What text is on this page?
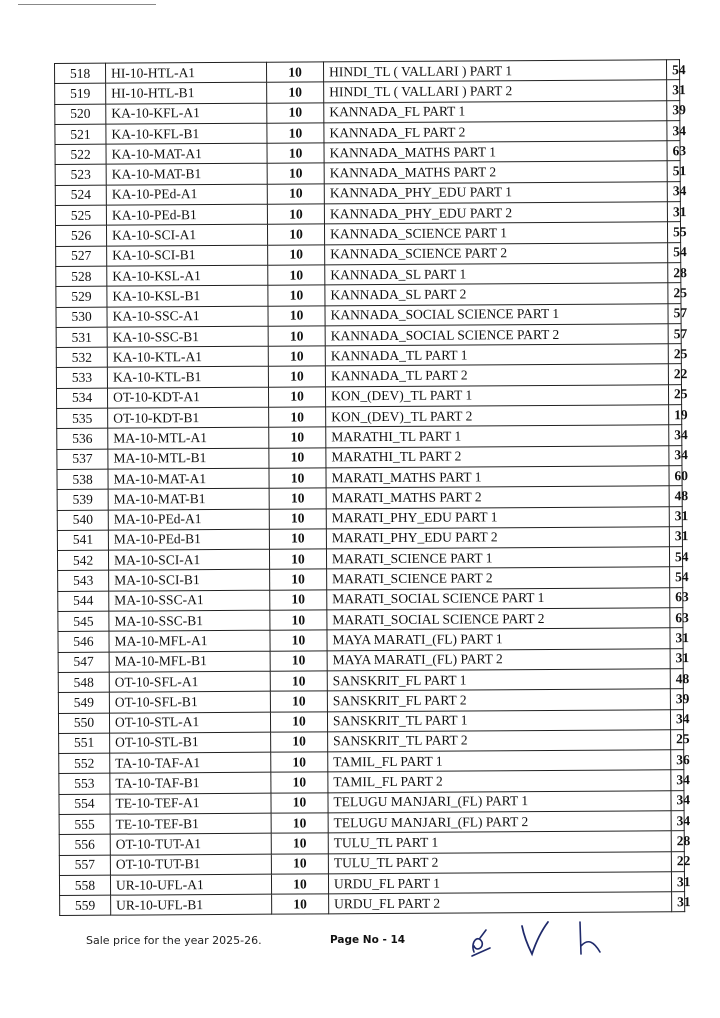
518	HI-10-HTL-A1	10	HINDI_TL ( VALLARI ) PART 1	54
519	HI-10-HTL-B1	10	HINDI_TL ( VALLARI ) PART 2	31
520	KA-10-KFL-A1	10	KANNADA_FL PART 1	39
521	KA-10-KFL-B1	10	KANNADA_FL PART 2	34
522	KA-10-MAT-A1	10	KANNADA_MATHS PART 1	63
523	KA-10-MAT-B1	10	KANNADA_MATHS PART 2	51
524	KA-10-PEd-A1	10	KANNADA_PHY_EDU PART 1	34
525	KA-10-PEd-B1	10	KANNADA_PHY_EDU PART 2	31
526	KA-10-SCI-A1	10	KANNADA_SCIENCE PART 1	55
527	KA-10-SCI-B1	10	KANNADA_SCIENCE PART 2	54
528	KA-10-KSL-A1	10	KANNADA_SL PART 1	28
529	KA-10-KSL-B1	10	KANNADA_SL PART 2	25
530	KA-10-SSC-A1	10	KANNADA_SOCIAL SCIENCE PART 1	57
531	KA-10-SSC-B1	10	KANNADA_SOCIAL SCIENCE PART 2	57
532	KA-10-KTL-A1	10	KANNADA_TL PART 1	25
533	KA-10-KTL-B1	10	KANNADA_TL PART 2	22
534	OT-10-KDT-A1	10	KON_(DEV)_TL PART 1	25
535	OT-10-KDT-B1	10	KON_(DEV)_TL PART 2	19
536	MA-10-MTL-A1	10	MARATHI_TL PART 1	34
537	MA-10-MTL-B1	10	MARATHI_TL PART 2	34
538	MA-10-MAT-A1	10	MARATI_MATHS PART 1	60
539	MA-10-MAT-B1	10	MARATI_MATHS PART 2	48
540	MA-10-PEd-A1	10	MARATI_PHY_EDU PART 1	31
541	MA-10-PEd-B1	10	MARATI_PHY_EDU PART 2	31
542	MA-10-SCI-A1	10	MARATI_SCIENCE PART 1	54
543	MA-10-SCI-B1	10	MARATI_SCIENCE PART 2	54
544	MA-10-SSC-A1	10	MARATI_SOCIAL SCIENCE PART 1	63
545	MA-10-SSC-B1	10	MARATI_SOCIAL SCIENCE PART 2	63
546	MA-10-MFL-A1	10	MAYA MARATI_(FL) PART 1	31
547	MA-10-MFL-B1	10	MAYA MARATI_(FL) PART 2	31
548	OT-10-SFL-A1	10	SANSKRIT_FL PART 1	48
549	OT-10-SFL-B1	10	SANSKRIT_FL PART 2	39
550	OT-10-STL-A1	10	SANSKRIT_TL PART 1	34
551	OT-10-STL-B1	10	SANSKRIT_TL PART 2	25
552	TA-10-TAF-A1	10	TAMIL_FL PART 1	36
553	TA-10-TAF-B1	10	TAMIL_FL PART 2	34
554	TE-10-TEF-A1	10	TELUGU MANJARI_(FL) PART 1	34
555	TE-10-TEF-B1	10	TELUGU MANJARI_(FL) PART 2	34
556	OT-10-TUT-A1	10	TULU_TL PART 1	28
557	OT-10-TUT-B1	10	TULU_TL PART 2	22
558	UR-10-UFL-A1	10	URDU_FL PART 1	31
559	UR-10-UFL-B1	10	URDU_FL PART 2	31
Sale price for the year 2025-26.	Page No - 14
